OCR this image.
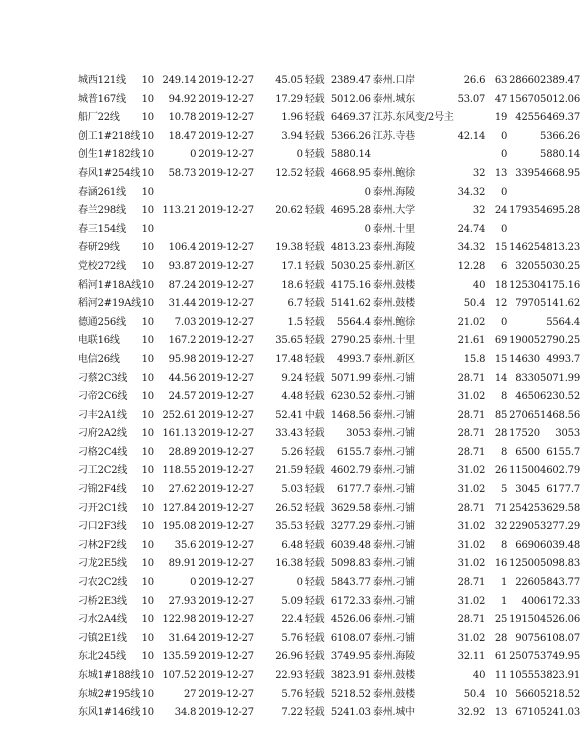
城西121线	10	249.14	2019-12-27	45.05	轻载	2389.47	泰州.口岸	26.6	63	28660	2389.47
城普167线	10	94.92	2019-12-27	17.29	轻载	5012.06	泰州.城东	53.07	47	15670	5012.06
船厂22线	10	10.78	2019-12-27	1.96	轻载	6469.37	江苏.东风变/2号主		19	4255	6469.37
创工1#218线	10	18.47	2019-12-27	3.94	轻载	5366.26	江苏.寺巷	42.14	0		5366.26
创生1#182线	10	0	2019-12-27	0	轻载	5880.14			0		5880.14
春风1#254线	10	58.73	2019-12-27	12.52	轻载	4668.95	泰州.鲍徐	32	13	3395	4668.95
春涵261线	10					0	泰州.海陵	34.32	0		
春兰298线	10	113.21	2019-12-27	20.62	轻载	4695.28	泰州.大学	32	24	17935	4695.28
春三154线	10					0	泰州.十里	24.74	0		
春研29线	10	106.4	2019-12-27	19.38	轻载	4813.23	泰州.海陵	34.32	15	14625	4813.23
党校272线	10	93.87	2019-12-27	17.1	轻载	5030.25	泰州.新区	12.28	6	3205	5030.25
稻河1#18A线	10	87.24	2019-12-27	18.6	轻载	4175.16	泰州.鼓楼	40	18	12530	4175.16
稻河2#19A线	10	31.44	2019-12-27	6.7	轻载	5141.62	泰州.鼓楼	50.4	12	7970	5141.62
德通256线	10	7.03	2019-12-27	1.5	轻载	5564.4	泰州.鲍徐	21.02	0		5564.4
电联16线	10	167.2	2019-12-27	35.65	轻载	2790.25	泰州.十里	21.61	69	19005	2790.25
电信26线	10	95.98	2019-12-27	17.48	轻载	4993.7	泰州.新区	15.8	15	14630	4993.7
刁蔡2C3线	10	44.56	2019-12-27	9.24	轻载	5071.99	泰州.刁铺	28.71	14	8330	5071.99
刁帝2C6线	10	24.57	2019-12-27	4.48	轻载	6230.52	泰州.刁铺	31.02	8	4650	6230.52
刁丰2A1线	10	252.61	2019-12-27	52.41	中载	1468.56	泰州.刁铺	28.71	85	27065	1468.56
刁府2A2线	10	161.13	2019-12-27	33.43	轻载	3053	泰州.刁铺	28.71	28	17520	3053
刁格2C4线	10	28.89	2019-12-27	5.26	轻载	6155.7	泰州.刁铺	28.71	8	6500	6155.7
刁工2C2线	10	118.55	2019-12-27	21.59	轻载	4602.79	泰州.刁铺	31.02	26	11500	4602.79
刁锦2F4线	10	27.62	2019-12-27	5.03	轻载	6177.7	泰州.刁铺	31.02	5	3045	6177.7
刁开2C1线	10	127.84	2019-12-27	26.52	轻载	3629.58	泰州.刁铺	28.71	71	25425	3629.58
刁口2F3线	10	195.08	2019-12-27	35.53	轻载	3277.29	泰州.刁铺	31.02	32	22905	3277.29
刁林2F2线	10	35.6	2019-12-27	6.48	轻载	6039.48	泰州.刁铺	31.02	8	6690	6039.48
刁龙2E5线	10	89.91	2019-12-27	16.38	轻载	5098.83	泰州.刁铺	31.02	16	12500	5098.83
刁农2C2线	10	0	2019-12-27	0	轻载	5843.77	泰州.刁铺	28.71	1	2260	5843.77
刁桥2E3线	10	27.93	2019-12-27	5.09	轻载	6172.33	泰州.刁铺	31.02	1	400	6172.33
刁水2A4线	10	122.98	2019-12-27	22.4	轻载	4526.06	泰州.刁铺	28.71	25	19150	4526.06
刁镇2E1线	10	31.64	2019-12-27	5.76	轻载	6108.07	泰州.刁铺	31.02	28	9075	6108.07
东北245线	10	135.59	2019-12-27	26.96	轻载	3749.95	泰州.海陵	32.11	61	25075	3749.95
东城1#188线	10	107.52	2019-12-27	22.93	轻载	3823.91	泰州.鼓楼	40	11	10555	3823.91
东城2#195线	10	27	2019-12-27	5.76	轻载	5218.52	泰州.鼓楼	50.4	10	5660	5218.52
东风1#146线	10	34.8	2019-12-27	7.22	轻载	5241.03	泰州.城中	32.92	13	6710	5241.03
